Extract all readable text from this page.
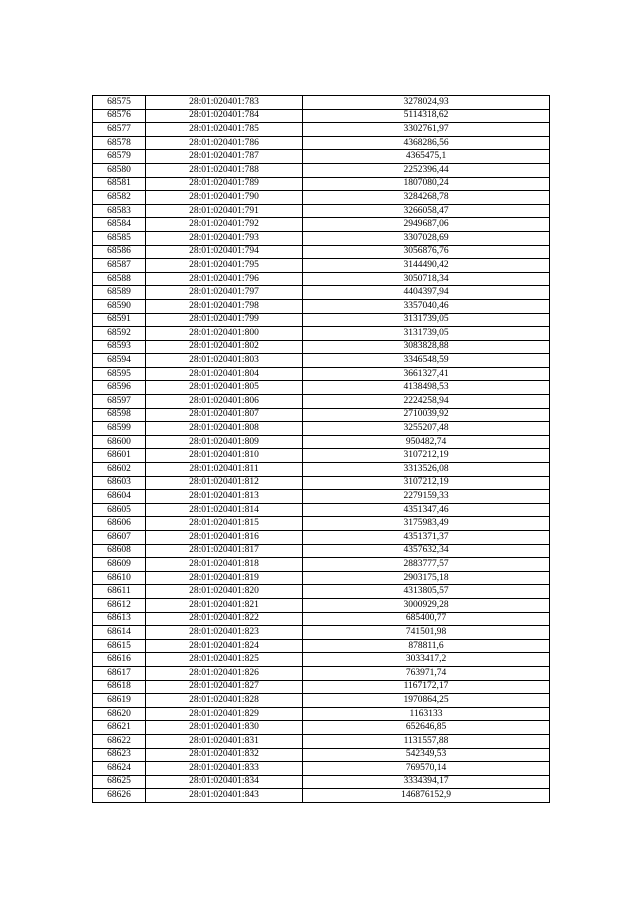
68575	28:01:020401:783	3278024,93
68576	28:01:020401:784	5114318,62
68577	28:01:020401:785	3302761,97
68578	28:01:020401:786	4368286,56
68579	28:01:020401:787	4365475,1
68580	28:01:020401:788	2252396,44
68581	28:01:020401:789	1807080,24
68582	28:01:020401:790	3284268,78
68583	28:01:020401:791	3266058,47
68584	28:01:020401:792	2949687,06
68585	28:01:020401:793	3307028,69
68586	28:01:020401:794	3056876,76
68587	28:01:020401:795	3144490,42
68588	28:01:020401:796	3050718,34
68589	28:01:020401:797	4404397,94
68590	28:01:020401:798	3357040,46
68591	28:01:020401:799	3131739,05
68592	28:01:020401:800	3131739,05
68593	28:01:020401:802	3083828,88
68594	28:01:020401:803	3346548,59
68595	28:01:020401:804	3661327,41
68596	28:01:020401:805	4138498,53
68597	28:01:020401:806	2224258,94
68598	28:01:020401:807	2710039,92
68599	28:01:020401:808	3255207,48
68600	28:01:020401:809	950482,74
68601	28:01:020401:810	3107212,19
68602	28:01:020401:811	3313526,08
68603	28:01:020401:812	3107212,19
68604	28:01:020401:813	2279159,33
68605	28:01:020401:814	4351347,46
68606	28:01:020401:815	3175983,49
68607	28:01:020401:816	4351371,37
68608	28:01:020401:817	4357632,34
68609	28:01:020401:818	2883777,57
68610	28:01:020401:819	2903175,18
68611	28:01:020401:820	4313805,57
68612	28:01:020401:821	3000929,28
68613	28:01:020401:822	685400,77
68614	28:01:020401:823	741501,98
68615	28:01:020401:824	878811,6
68616	28:01:020401:825	3033417,2
68617	28:01:020401:826	763971,74
68618	28:01:020401:827	1167172,17
68619	28:01:020401:828	1970864,25
68620	28:01:020401:829	1163133
68621	28:01:020401:830	652646,85
68622	28:01:020401:831	1131557,88
68623	28:01:020401:832	542349,53
68624	28:01:020401:833	769570,14
68625	28:01:020401:834	3334394,17
68626	28:01:020401:843	146876152,9
